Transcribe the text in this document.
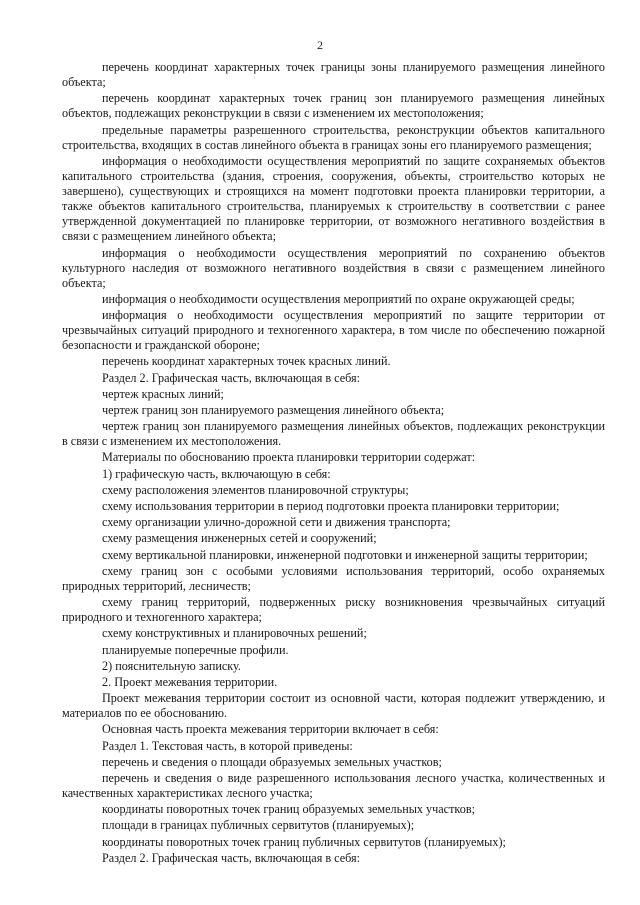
2

перечень координат характерных точек границы зоны планируемого размещения линейного объекта;

перечень координат характерных точек границ зон планируемого размещения линейных объектов, подлежащих реконструкции в связи с изменением их местоположения;

предельные параметры разрешенного строительства, реконструкции объектов капитального строительства, входящих в состав линейного объекта в границах зоны его планируемого размещения;

информация о необходимости осуществления мероприятий по защите сохраняемых объектов капитального строительства (здания, строения, сооружения, объекты, строительство которых не завершено), существующих и строящихся на момент подготовки проекта планировки территории, а также объектов капитального строительства, планируемых к строительству в соответствии с ранее утвержденной документацией по планировке территории, от возможного негативного воздействия в связи с размещением линейного объекта;

информация о необходимости осуществления мероприятий по сохранению объектов культурного наследия от возможного негативного воздействия в связи с размещением линейного объекта;

информация о необходимости осуществления мероприятий по охране окружающей среды;

информация о необходимости осуществления мероприятий по защите территории от чрезвычайных ситуаций природного и техногенного характера, в том числе по обеспечению пожарной безопасности и гражданской обороне;

перечень координат характерных точек красных линий.

Раздел 2. Графическая часть, включающая в себя:

чертеж красных линий;

чертеж границ зон планируемого размещения линейного объекта;

чертеж границ зон планируемого размещения линейных объектов, подлежащих реконструкции в связи с изменением их местоположения.

Материалы по обоснованию проекта планировки территории содержат:

1) графическую часть, включающую в себя:

схему расположения элементов планировочной структуры;

схему использования территории в период подготовки проекта планировки территории;

схему организации улично-дорожной сети и движения транспорта;

схему размещения инженерных сетей и сооружений;

схему вертикальной планировки, инженерной подготовки и инженерной защиты территории;

схему границ зон с особыми условиями использования территорий, особо охраняемых природных территорий, лесничеств;

схему границ территорий, подверженных риску возникновения чрезвычайных ситуаций природного и техногенного характера;

схему конструктивных и планировочных решений;

планируемые поперечные профили.

2) пояснительную записку.

2. Проект межевания территории.

Проект межевания территории состоит из основной части, которая подлежит утверждению, и материалов по ее обоснованию.

Основная часть проекта межевания территории включает в себя:

Раздел 1. Текстовая часть, в которой приведены:

перечень и сведения о площади образуемых земельных участков;

перечень и сведения о виде разрешенного использования лесного участка, количественных и качественных характеристиках лесного участка;

координаты поворотных точек границ образуемых земельных участков;

площади в границах публичных сервитутов (планируемых);

координаты поворотных точек границ публичных сервитутов (планируемых);

Раздел 2. Графическая часть, включающая в себя:
